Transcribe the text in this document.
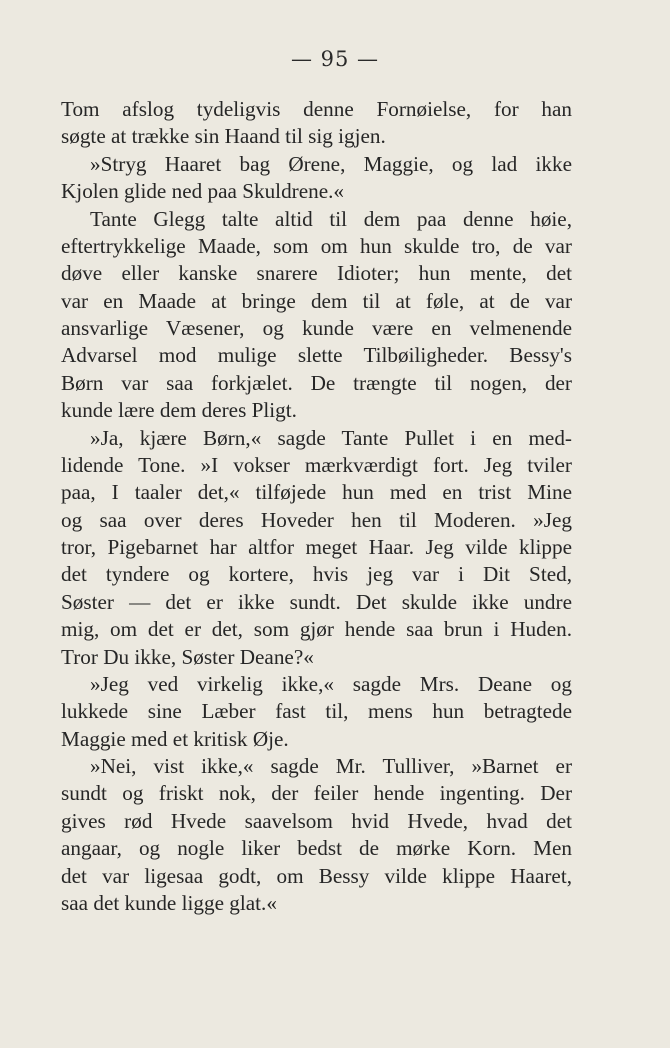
— 95 —
Tom afslog tydeligvis denne Fornøielse, for han
søgte at trække sin Haand til sig igjen.
»Stryg Haaret bag Ørene, Maggie, og lad ikke
Kjolen glide ned paa Skuldrene.«
Tante Glegg talte altid til dem paa denne høie,
eftertrykkelige Maade, som om hun skulde tro, de var
døve eller kanske snarere Idioter; hun mente, det
var en Maade at bringe dem til at føle, at de var
ansvarlige Væsener, og kunde være en velmenende
Advarsel mod mulige slette Tilbøiligheder. Bessy's
Børn var saa forkjælet. De trængte til nogen, der
kunde lære dem deres Pligt.
»Ja, kjære Børn,« sagde Tante Pullet i en med-
lidende Tone. »I vokser mærkværdigt fort. Jeg tviler
paa, I taaler det,« tilføjede hun med en trist Mine
og saa over deres Hoveder hen til Moderen. »Jeg
tror, Pigebarnet har altfor meget Haar. Jeg vilde klippe
det tyndere og kortere, hvis jeg var i Dit Sted,
Søster — det er ikke sundt. Det skulde ikke undre
mig, om det er det, som gjør hende saa brun i Huden.
Tror Du ikke, Søster Deane?«
»Jeg ved virkelig ikke,« sagde Mrs. Deane og
lukkede sine Læber fast til, mens hun betragtede
Maggie med et kritisk Øje.
»Nei, vist ikke,« sagde Mr. Tulliver, »Barnet er
sundt og friskt nok, der feiler hende ingenting. Der
gives rød Hvede saavelsom hvid Hvede, hvad det
angaar, og nogle liker bedst de mørke Korn. Men
det var ligesaa godt, om Bessy vilde klippe Haaret,
saa det kunde ligge glat.«
